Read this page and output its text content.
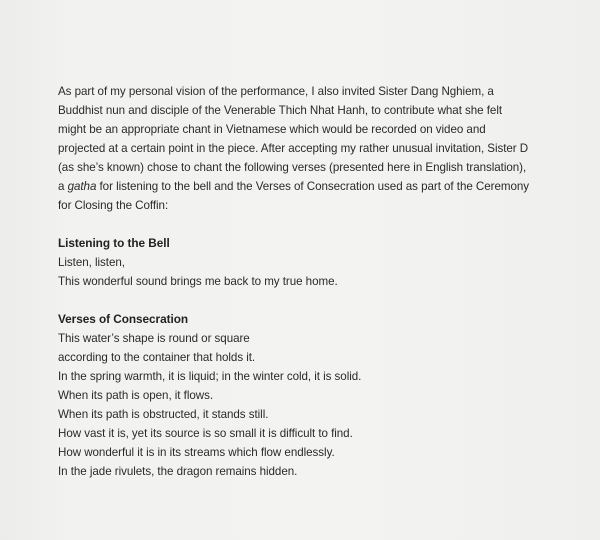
As part of my personal vision of the performance, I also invited Sister Dang Nghiem, a
Buddhist nun and disciple of the Venerable Thich Nhat Hanh, to contribute what she felt
might be an appropriate chant in Vietnamese which would be recorded on video and
projected at a certain point in the piece. After accepting my rather unusual invitation, Sister D
(as she’s known) chose to chant the following verses (presented here in English translation),
a gatha for listening to the bell and the Verses of Consecration used as part of the Ceremony
for Closing the Coffin:

Listening to the Bell
Listen, listen,
This wonderful sound brings me back to my true home.
Verses of Consecration
This water’s shape is round or square
according to the container that holds it.
In the spring warmth, it is liquid; in the winter cold, it is solid.
When its path is open, it flows.
When its path is obstructed, it stands still.
How vast it is, yet its source is so small it is difficult to find.
How wonderful it is in its streams which flow endlessly.
In the jade rivulets, the dragon remains hidden.
